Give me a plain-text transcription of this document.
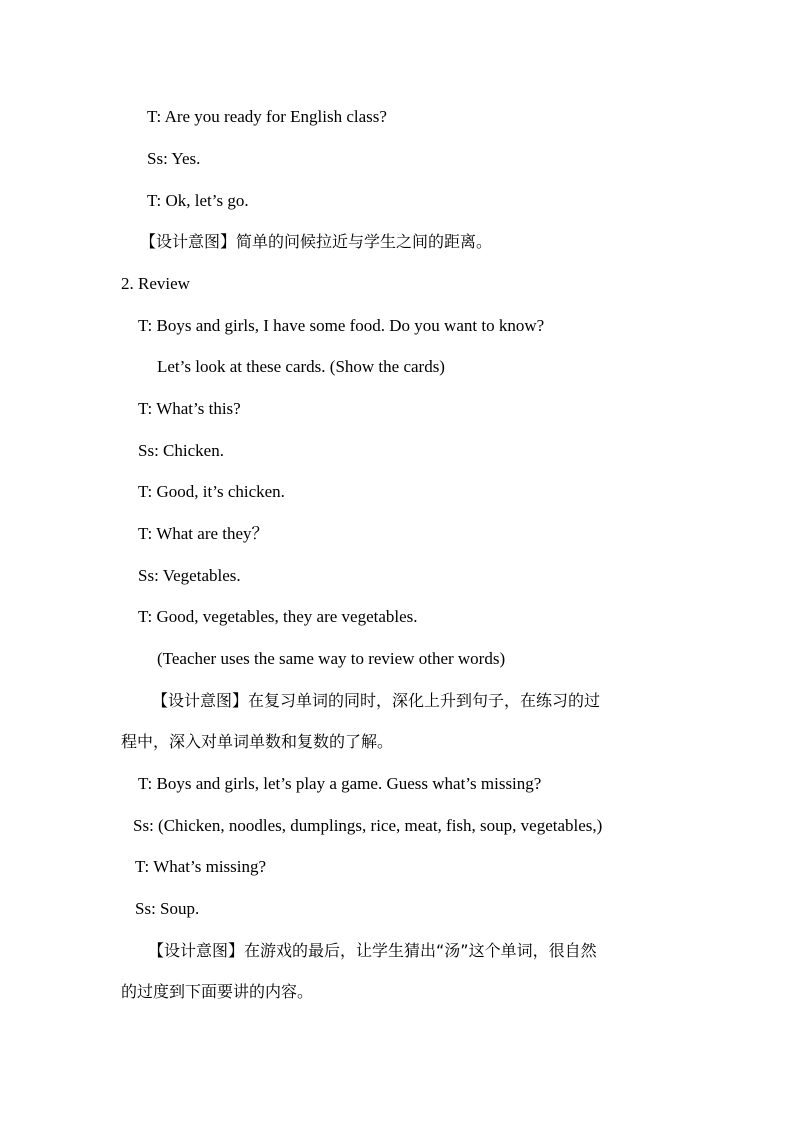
T: Are you ready for English class?
Ss: Yes.
T: Ok, let’s go.
【设计意图】简单的问候拉近与学生之间的距离。
2. Review
T: Boys and girls, I have some food. Do you want to know?
Let’s look at these cards. (Show the cards)
T: What’s this?
Ss: Chicken.
T: Good, it’s chicken.
T: What are they？
Ss: Vegetables.
T: Good, vegetables, they are vegetables.
(Teacher uses the same way to review other words)
【设计意图】在复习单词的同时，深化上升到句子，在练习的过
程中，深入对单词单数和复数的了解。
T: Boys and girls, let’s play a game. Guess what’s missing?
Ss: (Chicken, noodles, dumplings, rice, meat, fish, soup, vegetables,)
T: What’s missing?
Ss: Soup.
【设计意图】在游戏的最后，让学生猜出“汤”这个单词，很自然
的过度到下面要讲的内容。
